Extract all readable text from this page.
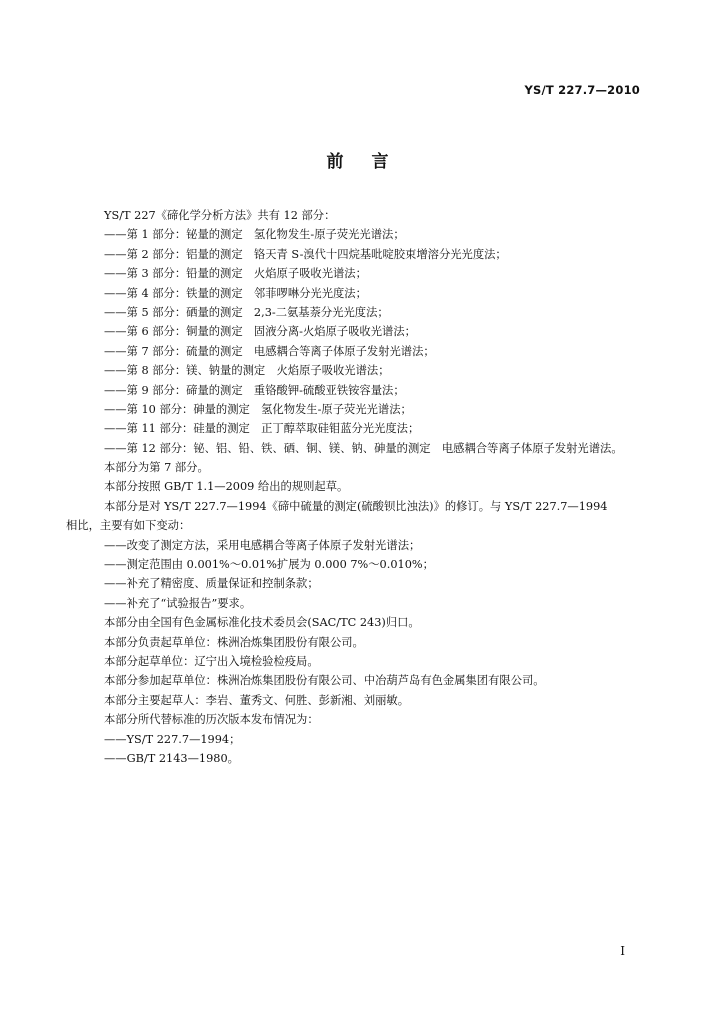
YS/T 227.7—2010
前言
YS/T 227《碲化学分析方法》共有 12 部分：
——第 1 部分：铋量的测定　氢化物发生-原子荧光光谱法；
——第 2 部分：铝量的测定　铬天青 S-溴代十四烷基吡啶胶束增溶分光光度法；
——第 3 部分：铅量的测定　火焰原子吸收光谱法；
——第 4 部分：铁量的测定　邻菲啰啉分光光度法；
——第 5 部分：硒量的测定　2,3-二氨基萘分光光度法；
——第 6 部分：铜量的测定　固液分离-火焰原子吸收光谱法；
——第 7 部分：硫量的测定　电感耦合等离子体原子发射光谱法；
——第 8 部分：镁、钠量的测定　火焰原子吸收光谱法；
——第 9 部分：碲量的测定　重铬酸钾-硫酸亚铁铵容量法；
——第 10 部分：砷量的测定　氢化物发生-原子荧光光谱法；
——第 11 部分：硅量的测定　正丁醇萃取硅钼蓝分光光度法；
——第 12 部分：铋、铝、铅、铁、硒、铜、镁、钠、砷量的测定　电感耦合等离子体原子发射光谱法。
本部分为第 7 部分。
本部分按照 GB/T 1.1—2009 给出的规则起草。
本部分是对 YS/T 227.7—1994《碲中硫量的测定(硫酸钡比浊法)》的修订。与 YS/T 227.7—1994
相比，主要有如下变动：
——改变了测定方法，采用电感耦合等离子体原子发射光谱法；
——测定范围由 0.001%～0.01%扩展为 0.000 7%～0.010%；
——补充了精密度、质量保证和控制条款；
——补充了“试验报告”要求。
本部分由全国有色金属标准化技术委员会(SAC/TC 243)归口。
本部分负责起草单位：株洲冶炼集团股份有限公司。
本部分起草单位：辽宁出入境检验检疫局。
本部分参加起草单位：株洲冶炼集团股份有限公司、中冶葫芦岛有色金属集团有限公司。
本部分主要起草人：李岩、董秀文、何胜、彭新湘、刘丽敏。
本部分所代替标准的历次版本发布情况为：
——YS/T 227.7—1994；
——GB/T 2143—1980。
I
